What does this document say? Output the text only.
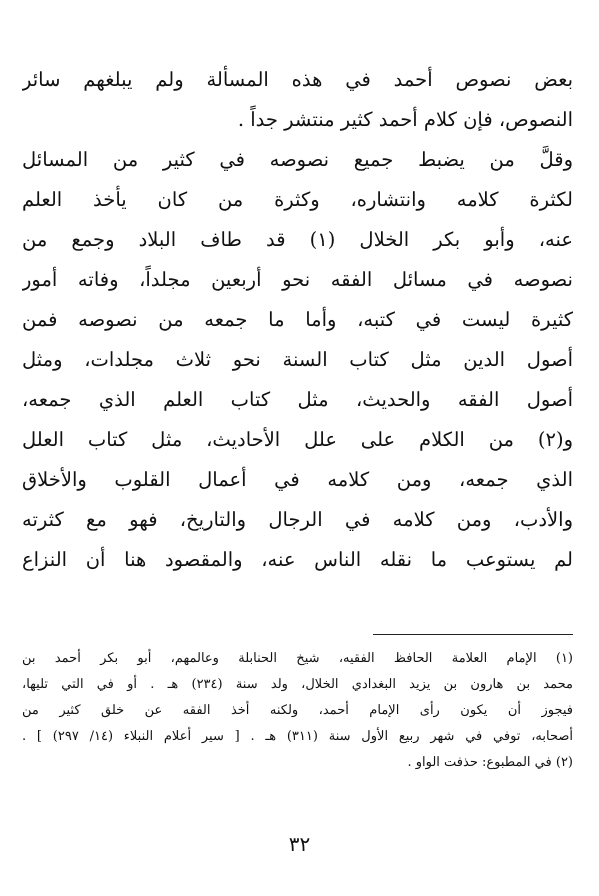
بعض نصوص أحمد في هذه المسألة ولم يبلغهم سائر
النصوص، فإن كلام أحمد كثير منتشر جداً .
وقلَّ من يضبط جميع نصوصه في كثير من المسائل
لكثرة كلامه وانتشاره، وكثرة من كان يأخذ العلم
عنه، وأبو بكر الخلال (١) قد طاف البلاد وجمع من
نصوصه في مسائل الفقه نحو أربعين مجلداً، وفاته أمور
كثيرة ليست في كتبه، وأما ما جمعه من نصوصه فمن
أصول الدين مثل كتاب السنة نحو ثلاث مجلدات، ومثل
أصول الفقه والحديث، مثل كتاب العلم الذي جمعه،
و(٢) من الكلام على علل الأحاديث، مثل كتاب العلل
الذي جمعه، ومن كلامه في أعمال القلوب والأخلاق
والأدب، ومن كلامه في الرجال والتاريخ، فهو مع كثرته
لم يستوعب ما نقله الناس عنه، والمقصود هنا أن النزاع
(١) الإمام العلامة الحافظ الفقيه، شيخ الحنابلة وعالمهم، أبو بكر أحمد بن
محمد بن هارون بن يزيد البغدادي الخلال، ولد سنة (٢٣٤) هـ . أو في التي تليها،
فيجوز أن يكون رأى الإمام أحمد، ولكنه أخذ الفقه عن خلق كثير من
أصحابه، توفي في شهر ربيع الأول سنة (٣١١) هـ . [ سير أعلام النبلاء (١٤/ ٢٩٧) ] .
(٢) في المطبوع: حذفت الواو .
٣٢
